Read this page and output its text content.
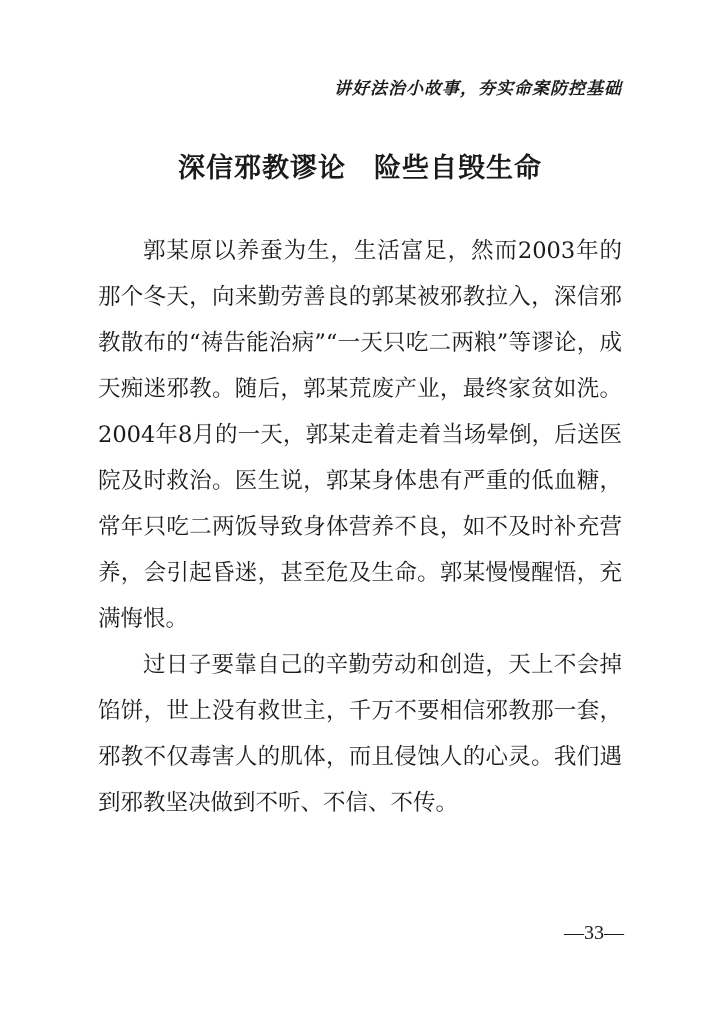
讲好法治小故事，夯实命案防控基础
深信邪教谬论　险些自毁生命

郭某原以养蚕为生，生活富足，然而2003年的那个冬天，向来勤劳善良的郭某被邪教拉入，深信邪教散布的“祷告能治病”“一天只吃二两粮”等谬论，成天痴迷邪教。随后，郭某荒废产业，最终家贫如洗。2004年8月的一天，郭某走着走着当场晕倒，后送医院及时救治。医生说，郭某身体患有严重的低血糖，常年只吃二两饭导致身体营养不良，如不及时补充营养，会引起昏迷，甚至危及生命。郭某慢慢醒悟，充满悔恨。

过日子要靠自己的辛勤劳动和创造，天上不会掉馅饼，世上没有救世主，千万不要相信邪教那一套，邪教不仅毒害人的肌体，而且侵蚀人的心灵。我们遇到邪教坚决做到不听、不信、不传。

—33—
